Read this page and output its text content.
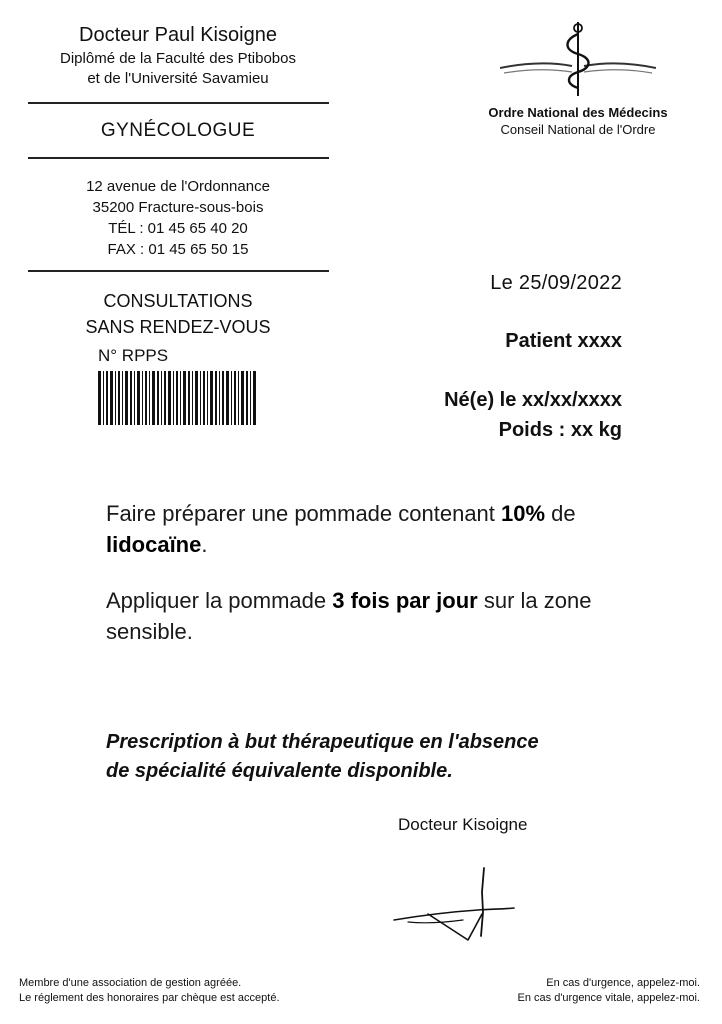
Docteur Paul Kisoigne
Diplômé de la Faculté des Ptibobos
et de l'Université Savamieu
GYNÉCOLOGUE
12 avenue de l'Ordonnance
35200 Fracture-sous-bois
TÉL : 01 45 65 40 20
FAX : 01 45 65 50 15
CONSULTATIONS
SANS RENDEZ-VOUS
N° RPPS
Ordre National des Médecins
Conseil National de l'Ordre
Le 25/09/2022
Patient xxxx
Né(e) le xx/xx/xxxx
Poids : xx kg
Faire préparer une pommade contenant 10% de lidocaïne.
Appliquer la pommade 3 fois par jour sur la zone sensible.
Prescription à but thérapeutique en l'absence
de spécialité équivalente disponible.
Docteur Kisoigne
Membre d'une association de gestion agréée.
Le réglement des honoraires par chèque est accepté.
En cas d'urgence, appelez-moi.
En cas d'urgence vitale, appelez-moi.
